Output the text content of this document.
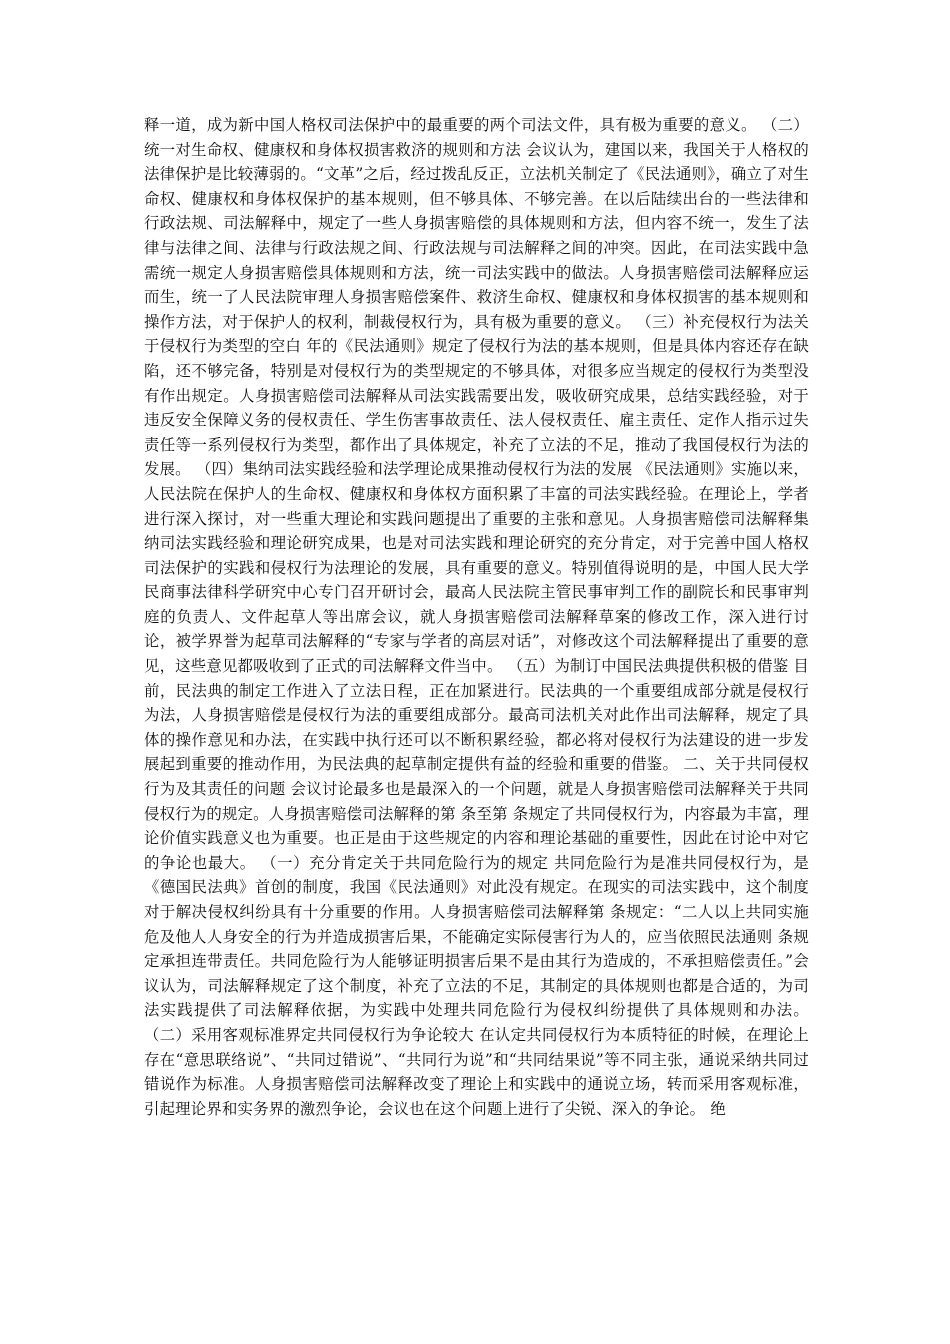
释一道，成为新中国人格权司法保护中的最重要的两个司法文件，具有极为重要的意义。 （二）统一对生命权、健康权和身体权损害救济的规则和方法 会议认为，建国以来，我国关于人格权的法律保护是比较薄弱的。“文革”之后，经过拨乱反正，立法机关制定了《民法通则》，确立了对生命权、健康权和身体权保护的基本规则，但不够具体、不够完善。在以后陆续出台的一些法律和行政法规、司法解释中，规定了一些人身损害赔偿的具体规则和方法，但内容不统一，发生了法律与法律之间、法律与行政法规之间、行政法规与司法解释之间的冲突。因此，在司法实践中急需统一规定人身损害赔偿具体规则和方法，统一司法实践中的做法。人身损害赔偿司法解释应运而生，统一了人民法院审理人身损害赔偿案件、救济生命权、健康权和身体权损害的基本规则和操作方法，对于保护人的权利，制裁侵权行为，具有极为重要的意义。 （三）补充侵权行为法关于侵权行为类型的空白 年的《民法通则》规定了侵权行为法的基本规则，但是具体内容还存在缺陷，还不够完备，特别是对侵权行为的类型规定的不够具体，对很多应当规定的侵权行为类型没有作出规定。人身损害赔偿司法解释从司法实践需要出发，吸收研究成果，总结实践经验，对于违反安全保障义务的侵权责任、学生伤害事故责任、法人侵权责任、雇主责任、定作人指示过失责任等一系列侵权行为类型，都作出了具体规定，补充了立法的不足，推动了我国侵权行为法的发展。 （四）集纳司法实践经验和法学理论成果推动侵权行为法的发展 《民法通则》实施以来，人民法院在保护人的生命权、健康权和身体权方面积累了丰富的司法实践经验。在理论上，学者进行深入探讨，对一些重大理论和实践问题提出了重要的主张和意见。人身损害赔偿司法解释集纳司法实践经验和理论研究成果，也是对司法实践和理论研究的充分肯定，对于完善中国人格权司法保护的实践和侵权行为法理论的发展，具有重要的意义。特别值得说明的是，中国人民大学民商事法律科学研究中心专门召开研讨会，最高人民法院主管民事审判工作的副院长和民事审判庭的负责人、文件起草人等出席会议，就人身损害赔偿司法解释草案的修改工作，深入进行讨论，被学界誉为起草司法解释的“专家与学者的高层对话”，对修改这个司法解释提出了重要的意见，这些意见都吸收到了正式的司法解释文件当中。 （五）为制订中国民法典提供积极的借鉴 目前，民法典的制定工作进入了立法日程，正在加紧进行。民法典的一个重要组成部分就是侵权行为法，人身损害赔偿是侵权行为法的重要组成部分。最高司法机关对此作出司法解释，规定了具体的操作意见和办法，在实践中执行还可以不断积累经验，都必将对侵权行为法建设的进一步发展起到重要的推动作用，为民法典的起草制定提供有益的经验和重要的借鉴。 二、关于共同侵权行为及其责任的问题 会议讨论最多也是最深入的一个问题，就是人身损害赔偿司法解释关于共同侵权行为的规定。人身损害赔偿司法解释的第 条至第 条规定了共同侵权行为，内容最为丰富，理论价值实践意义也为重要。也正是由于这些规定的内容和理论基础的重要性，因此在讨论中对它的争论也最大。 （一）充分肯定关于共同危险行为的规定 共同危险行为是准共同侵权行为，是《德国民法典》首创的制度，我国《民法通则》对此没有规定。在现实的司法实践中，这个制度对于解决侵权纠纷具有十分重要的作用。人身损害赔偿司法解释第 条规定：“二人以上共同实施危及他人人身安全的行为并造成损害后果，不能确定实际侵害行为人的，应当依照民法通则 条规定承担连带责任。共同危险行为人能够证明损害后果不是由其行为造成的，不承担赔偿责任。”会议认为，司法解释规定了这个制度，补充了立法的不足，其制定的具体规则也都是合适的，为司法实践提供了司法解释依据，为实践中处理共同危险行为侵权纠纷提供了具体规则和办法。 （二）采用客观标准界定共同侵权行为争论较大 在认定共同侵权行为本质特征的时候，在理论上存在“意思联络说”、“共同过错说”、“共同行为说”和“共同结果说”等不同主张，通说采纳共同过错说作为标准。人身损害赔偿司法解释改变了理论上和实践中的通说立场，转而采用客观标准，引起理论界和实务界的激烈争论，会议也在这个问题上进行了尖锐、深入的争论。 绝
